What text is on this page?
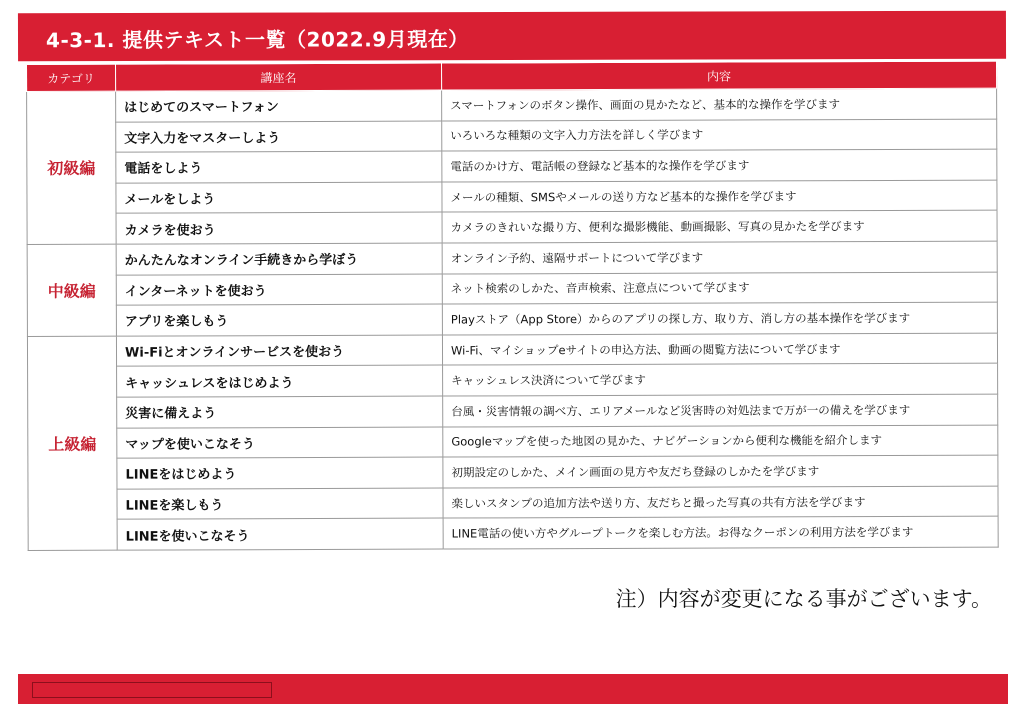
4-3-1. 提供テキスト一覧（2022.9月現在）
カテゴリ	講座名	内容
初級編	はじめてのスマートフォン	スマートフォンのボタン操作、画面の見かたなど、基本的な操作を学びます
	文字入力をマスターしよう	いろいろな種類の文字入力方法を詳しく学びます
	電話をしよう	電話のかけ方、電話帳の登録など基本的な操作を学びます
	メールをしよう	メールの種類、SMSやメールの送り方など基本的な操作を学びます
	カメラを使おう	カメラのきれいな撮り方、便利な撮影機能、動画撮影、写真の見かたを学びます
中級編	かんたんなオンライン手続きから学ぼう	オンライン予約、遠隔サポートについて学びます
	インターネットを使おう	ネット検索のしかた、音声検索、注意点について学びます
	アプリを楽しもう	Playストア（App Store）からのアプリの探し方、取り方、消し方の基本操作を学びます
上級編	Wi-Fiとオンラインサービスを使おう	Wi-Fi、マイショップeサイトの申込方法、動画の閲覧方法について学びます
	キャッシュレスをはじめよう	キャッシュレス決済について学びます
	災害に備えよう	台風・災害情報の調べ方、エリアメールなど災害時の対処法まで万が一の備えを学びます
	マップを使いこなそう	Googleマップを使った地図の見かた、ナビゲーションから便利な機能を紹介します
	LINEをはじめよう	初期設定のしかた、メイン画面の見方や友だち登録のしかたを学びます
	LINEを楽しもう	楽しいスタンプの追加方法や送り方、友だちと撮った写真の共有方法を学びます
	LINEを使いこなそう	LINE電話の使い方やグループトークを楽しむ方法。お得なクーポンの利用方法を学びます
注）内容が変更になる事がございます。
